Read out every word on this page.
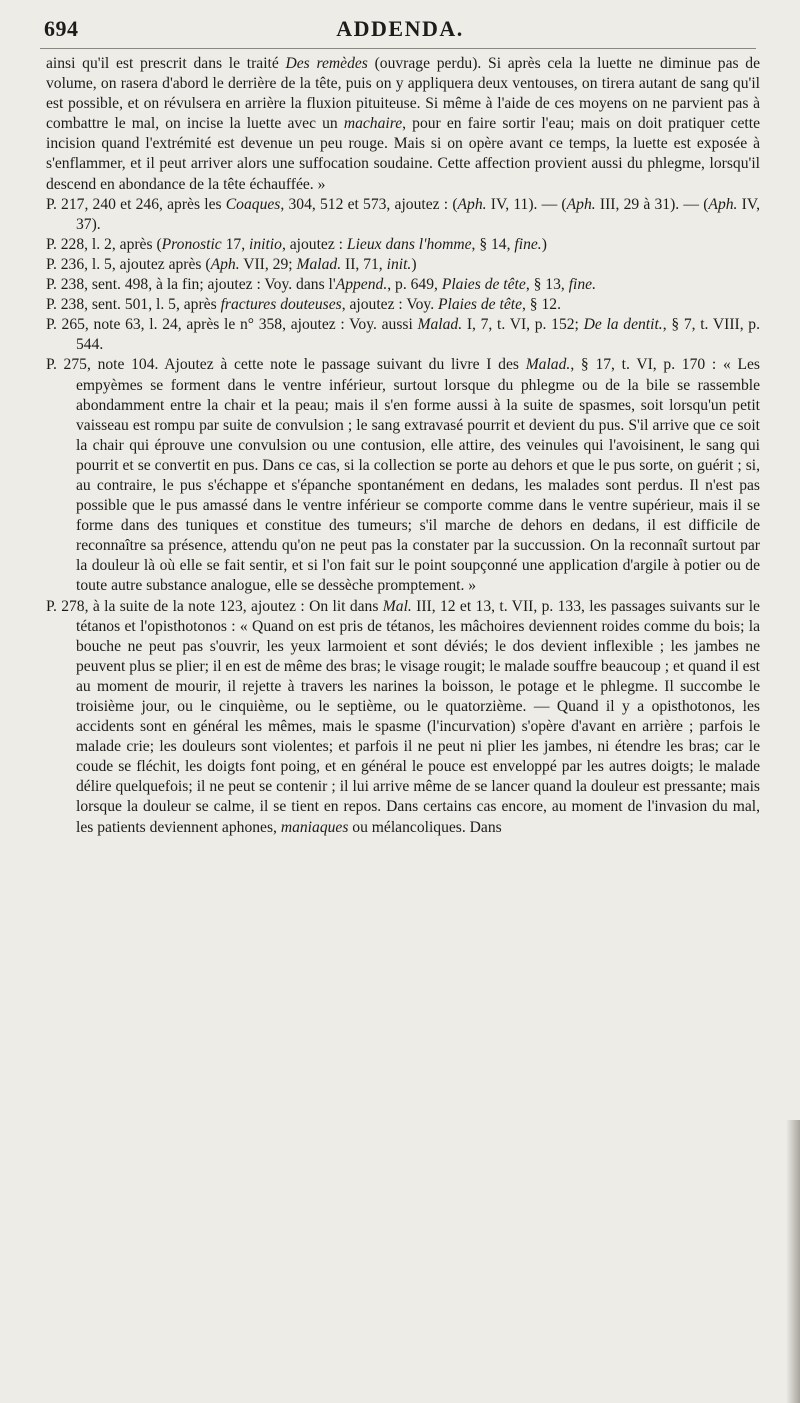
694	ADDENDA.

ainsi qu'il est prescrit dans le traité Des remèdes (ouvrage perdu). Si après cela la luette ne diminue pas de volume, on rasera d'abord le derrière de la tête, puis on y appliquera deux ventouses, on tirera autant de sang qu'il est possible, et on révulsera en arrière la fluxion pituiteuse. Si même à l'aide de ces moyens on ne parvient pas à combattre le mal, on incise la luette avec un machaire, pour en faire sortir l'eau; mais on doit pratiquer cette incision quand l'extrémité est devenue un peu rouge. Mais si on opère avant ce temps, la luette est exposée à s'enflammer, et il peut arriver alors une suffocation soudaine. Cette affection provient aussi du phlegme, lorsqu'il descend en abondance de la tête échauffée. »

P. 217, 240 et 246, après les Coaques, 304, 512 et 573, ajoutez : (Aph. IV, 11). — (Aph. III, 29 à 31). — (Aph. IV, 37).

P. 228, l. 2, après (Pronostic 17, initio, ajoutez : Lieux dans l'homme, § 14, fine.)

P. 236, l. 5, ajoutez après (Aph. VII, 29; Malad. II, 71, init.)

P. 238, sent. 498, à la fin; ajoutez : Voy. dans l'Append., p. 649, Plaies de tête, § 13, fine.

P. 238, sent. 501, l. 5, après fractures douteuses, ajoutez : Voy. Plaies de tête, § 12.

P. 265, note 63, l. 24, après le n° 358, ajoutez : Voy. aussi Malad. I, 7, t. VI, p. 152; De la dentit., § 7, t. VIII, p. 544.

P. 275, note 104. Ajoutez à cette note le passage suivant du livre I des Malad., § 17, t. VI, p. 170 : « Les empyèmes se forment dans le ventre inférieur, surtout lorsque du phlegme ou de la bile se rassemble abondamment entre la chair et la peau; mais il s'en forme aussi à la suite de spasmes, soit lorsqu'un petit vaisseau est rompu par suite de convulsion ; le sang extravasé pourrit et devient du pus. S'il arrive que ce soit la chair qui éprouve une convulsion ou une contusion, elle attire, des veinules qui l'avoisinent, le sang qui pourrit et se convertit en pus. Dans ce cas, si la collection se porte au dehors et que le pus sorte, on guérit ; si, au contraire, le pus s'échappe et s'épanche spontanément en dedans, les malades sont perdus. Il n'est pas possible que le pus amassé dans le ventre inférieur se comporte comme dans le ventre supérieur, mais il se forme dans des tuniques et constitue des tumeurs; s'il marche de dehors en dedans, il est difficile de reconnaître sa présence, attendu qu'on ne peut pas la constater par la succussion. On la reconnaît surtout par la douleur là où elle se fait sentir, et si l'on fait sur le point soupçonné une application d'argile à potier ou de toute autre substance analogue, elle se dessèche promptement. »

P. 278, à la suite de la note 123, ajoutez : On lit dans Mal. III, 12 et 13, t. VII, p. 133, les passages suivants sur le tétanos et l'opisthotonos : « Quand on est pris de tétanos, les mâchoires deviennent roides comme du bois; la bouche ne peut pas s'ouvrir, les yeux larmoient et sont déviés; le dos devient inflexible ; les jambes ne peuvent plus se plier; il en est de même des bras; le visage rougit; le malade souffre beaucoup ; et quand il est au moment de mourir, il rejette à travers les narines la boisson, le potage et le phlegme. Il succombe le troisième jour, ou le cinquième, ou le septième, ou le quatorzième. — Quand il y a opisthotonos, les accidents sont en général les mêmes, mais le spasme (l'incurvation) s'opère d'avant en arrière ; parfois le malade crie; les douleurs sont violentes; et parfois il ne peut ni plier les jambes, ni étendre les bras; car le coude se fléchit, les doigts font poing, et en général le pouce est enveloppé par les autres doigts; le malade délire quelquefois; il ne peut se contenir ; il lui arrive même de se lancer quand la douleur est pressante; mais lorsque la douleur se calme, il se tient en repos. Dans certains cas encore, au moment de l'invasion du mal, les patients deviennent aphones, maniaques ou mélancoliques. Dans
